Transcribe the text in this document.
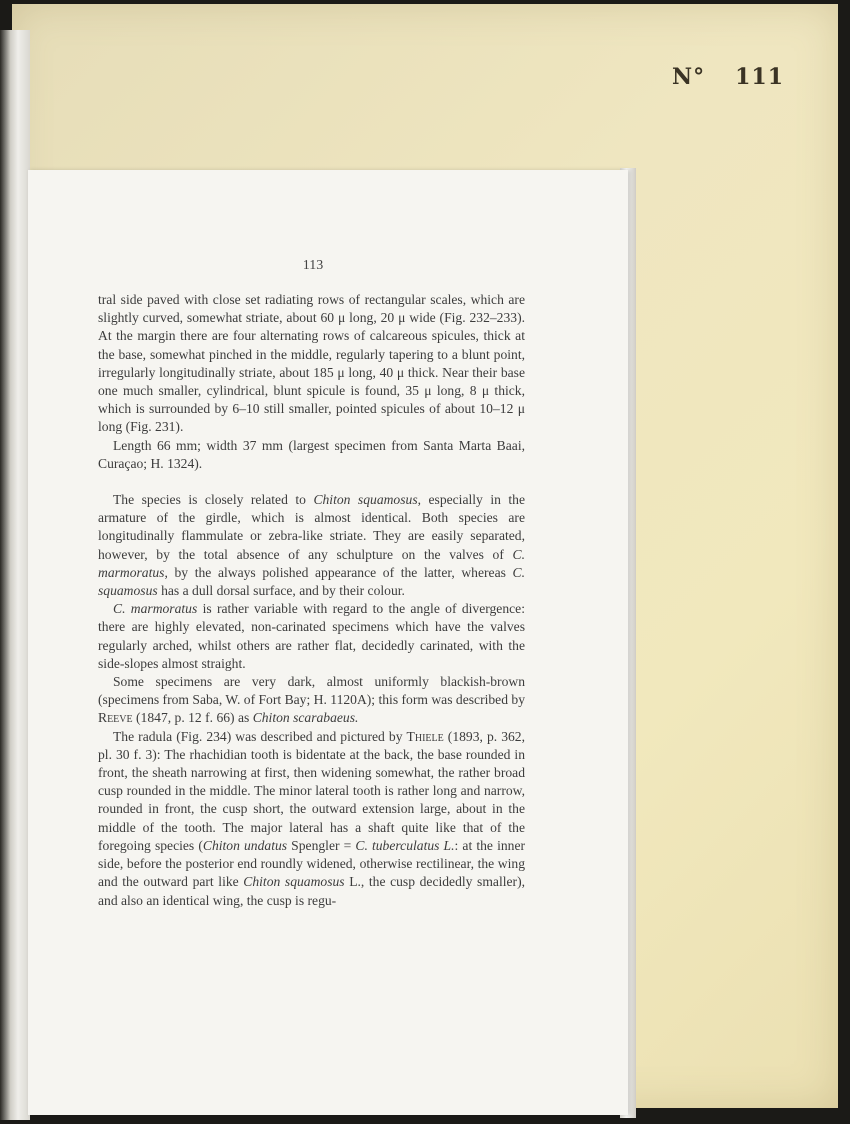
N° 111
113

tral side paved with close set radiating rows of rectangular scales, which are slightly curved, somewhat striate, about 60 μ long, 20 μ wide (Fig. 232–233). At the margin there are four alternating rows of calcareous spicules, thick at the base, somewhat pinched in the middle, regularly tapering to a blunt point, irregularly longitudinally striate, about 185 μ long, 40 μ thick. Near their base one much smaller, cylindrical, blunt spicule is found, 35 μ long, 8 μ thick, which is surrounded by 6–10 still smaller, pointed spicules of about 10–12 μ long (Fig. 231).

Length 66 mm; width 37 mm (largest specimen from Santa Marta Baai, Curaçao; H. 1324).

The species is closely related to Chiton squamosus, especially in the armature of the girdle, which is almost identical. Both species are longitudinally flammulate or zebra-like striate. They are easily separated, however, by the total absence of any schulpture on the valves of C. marmoratus, by the always polished appearance of the latter, whereas C. squamosus has a dull dorsal surface, and by their colour.

C. marmoratus is rather variable with regard to the angle of divergence: there are highly elevated, non-carinated specimens which have the valves regularly arched, whilst others are rather flat, decidedly carinated, with the side-slopes almost straight.

Some specimens are very dark, almost uniformly blackish-brown (specimens from Saba, W. of Fort Bay; H. 1120A); this form was described by Reeve (1847, p. 12 f. 66) as Chiton scarabaeus.

The radula (Fig. 234) was described and pictured by Thiele (1893, p. 362, pl. 30 f. 3): The rhachidian tooth is bidentate at the back, the base rounded in front, the sheath narrowing at first, then widening somewhat, the rather broad cusp rounded in the middle. The minor lateral tooth is rather long and narrow, rounded in front, the cusp short, the outward extension large, about in the middle of the tooth. The major lateral has a shaft quite like that of the foregoing species (Chiton undatus Spengler = C. tuberculatus L.: at the inner side, before the posterior end roundly widened, otherwise rectilinear, the wing and the outward part like Chiton squamosus L., the cusp decidedly smaller), and also an identical wing, the cusp is regu-
